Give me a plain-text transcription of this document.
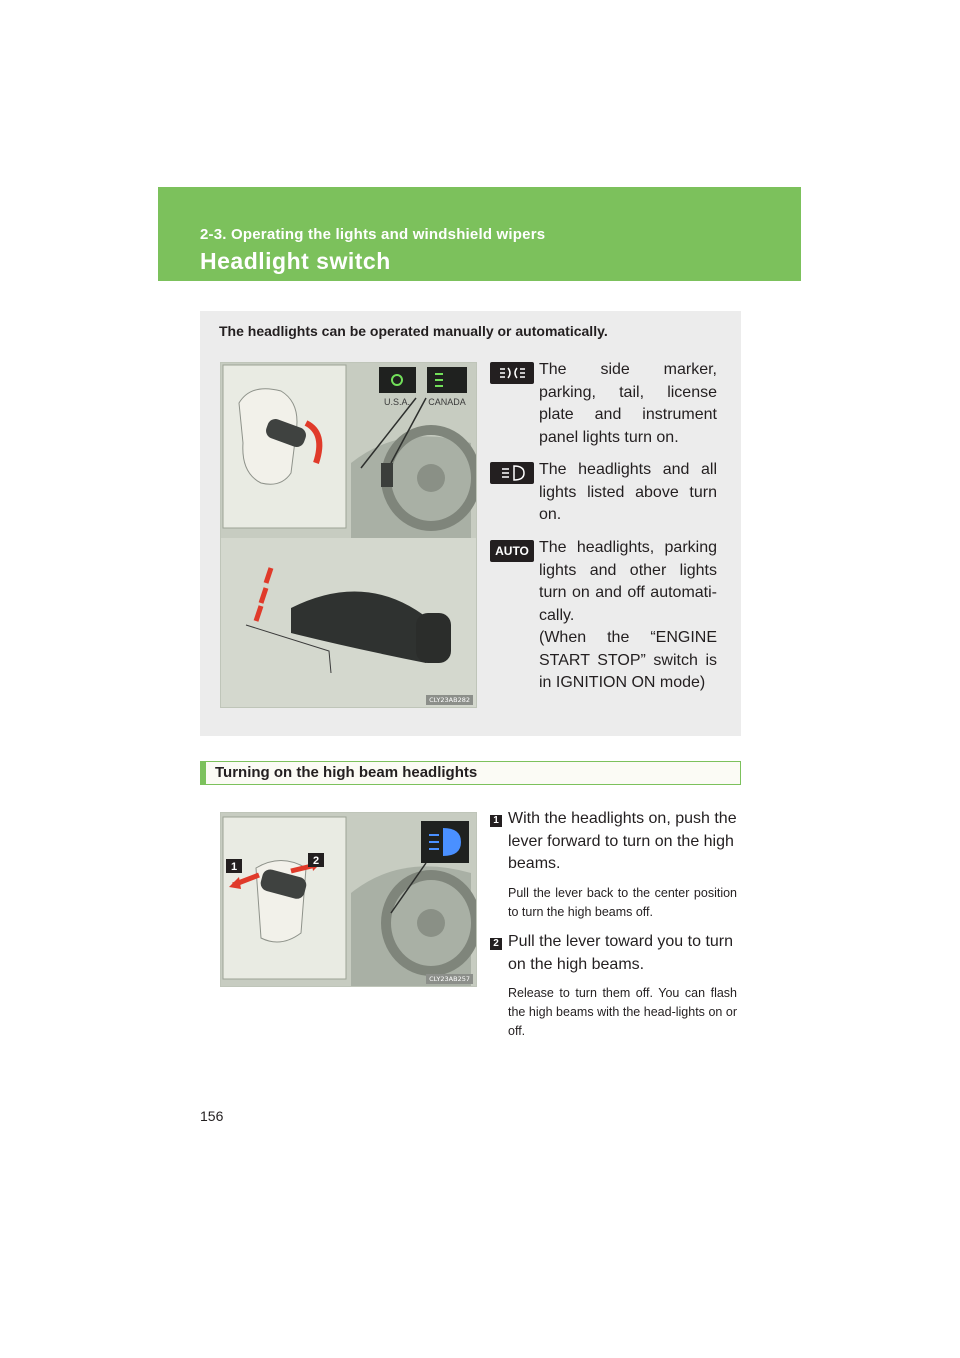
2-3. Operating the lights and windshield wipers
Headlight switch
The headlights can be operated manually or automatically.
U.S.A. CANADA
CLY23AB282
The side marker, parking, tail, license plate and instrument panel lights turn on.
The headlights and all lights listed above turn on.
AUTO The headlights, parking lights and other lights turn on and off automati-cally.
(When the “ENGINE START STOP” switch is in IGNITION ON mode)
Turning on the high beam headlights
1	2
CLY23AB257
1 With the headlights on, push the lever forward to turn on the high beams.
Pull the lever back to the center position to turn the high beams off.
2 Pull the lever toward you to turn on the high beams.
Release to turn them off. You can flash the high beams with the head-lights on or off.
156
